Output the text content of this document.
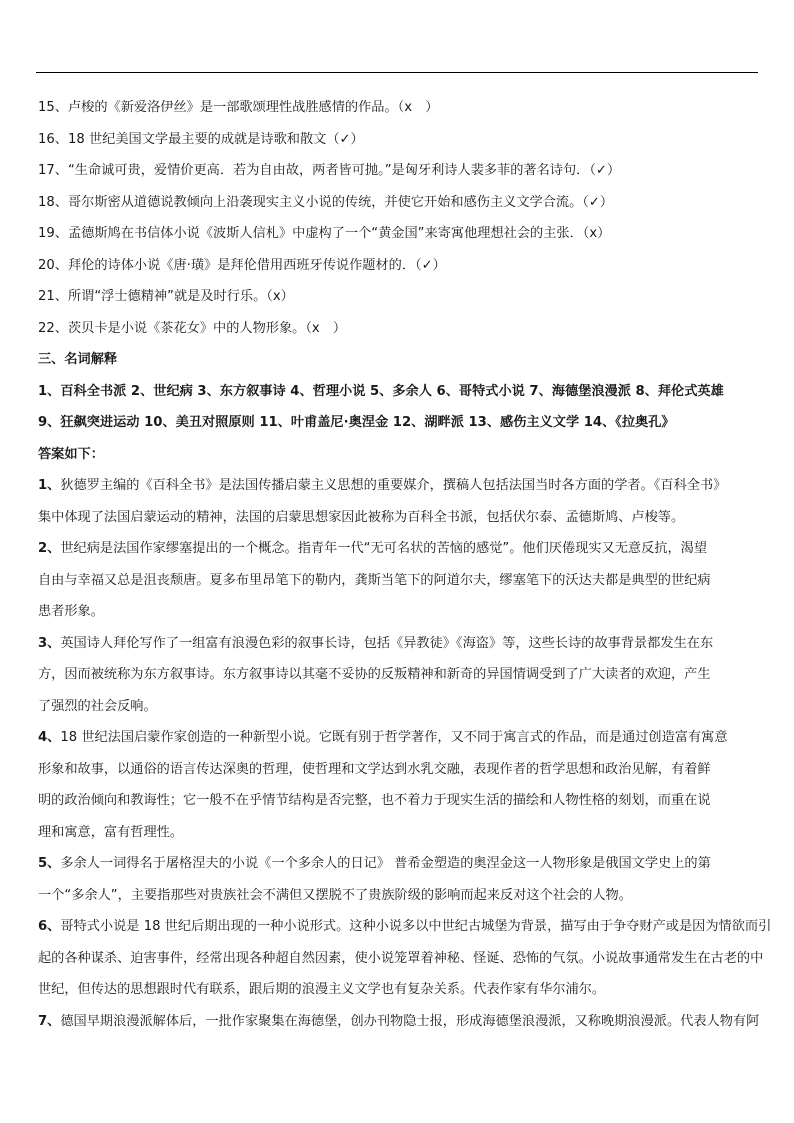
15、卢梭的《新爱洛伊丝》是一部歌颂理性战胜感情的作品。（x　）
16、18 世纪美国文学最主要的成就是诗歌和散文（✓）
17、“生命诚可贵，爱情价更高．若为自由故，两者皆可抛。”是匈牙利诗人裴多菲的著名诗句．（✓）
18、哥尔斯密从道德说教倾向上沿袭现实主义小说的传统，并使它开始和感伤主义文学合流。（✓）
19、孟德斯鸠在书信体小说《波斯人信札》中虚构了一个“黄金国”来寄寓他理想社会的主张．（x）
20、拜伦的诗体小说《唐·璜》是拜伦借用西班牙传说作题材的．（✓）
21、所谓“浮士德精神”就是及时行乐。（x）
22、茨贝卡是小说《茶花女》中的人物形象。（x　）
三、名词解释
1、百科全书派 2、世纪病 3、东方叙事诗 4、哲理小说 5、多余人 6、哥特式小说 7、海德堡浪漫派 8、拜伦式英雄
9、狂飙突进运动 10、美丑对照原则 11、叶甫盖尼·奥涅金 12、湖畔派 13、感伤主义文学 14、《拉奥孔》
答案如下：
1、狄德罗主编的《百科全书》是法国传播启蒙主义思想的重要媒介，撰稿人包括法国当时各方面的学者。《百科全书》
集中体现了法国启蒙运动的精神，法国的启蒙思想家因此被称为百科全书派，包括伏尔泰、孟德斯鸠、卢梭等。
2、世纪病是法国作家缪塞提出的一个概念。指青年一代“无可名状的苦恼的感觉”。他们厌倦现实又无意反抗，渴望
自由与幸福又总是沮丧颓唐。夏多布里昂笔下的勒内，龚斯当笔下的阿道尔夫，缪塞笔下的沃达夫都是典型的世纪病
患者形象。
3、英国诗人拜伦写作了一组富有浪漫色彩的叙事长诗，包括《异教徒》《海盗》等，这些长诗的故事背景都发生在东
方，因而被统称为东方叙事诗。东方叙事诗以其毫不妥协的反叛精神和新奇的异国情调受到了广大读者的欢迎，产生
了强烈的社会反响。
4、18 世纪法国启蒙作家创造的一种新型小说。它既有别于哲学著作，又不同于寓言式的作品，而是通过创造富有寓意
形象和故事，以通俗的语言传达深奥的哲理，使哲理和文学达到水乳交融，表现作者的哲学思想和政治见解，有着鲜
明的政治倾向和教诲性；它一般不在乎情节结构是否完整，也不着力于现实生活的描绘和人物性格的刻划，而重在说
理和寓意，富有哲理性。
5、多余人一词得名于屠格涅夫的小说《一个多余人的日记》 普希金塑造的奥涅金这一人物形象是俄国文学史上的第
一个“多余人”，主要指那些对贵族社会不满但又摆脱不了贵族阶级的影响而起来反对这个社会的人物。
6、哥特式小说是 18 世纪后期出现的一种小说形式。这种小说多以中世纪古城堡为背景，描写由于争夺财产或是因为情欲而引
起的各种谋杀、迫害事件，经常出现各种超自然因素，使小说笼罩着神秘、怪诞、恐怖的气氛。小说故事通常发生在古老的中
世纪，但传达的思想跟时代有联系，跟后期的浪漫主义文学也有复杂关系。代表作家有华尔浦尔。
7、德国早期浪漫派解体后，一批作家聚集在海德堡，创办刊物隐士报，形成海德堡浪漫派，又称晚期浪漫派。代表人物有阿
